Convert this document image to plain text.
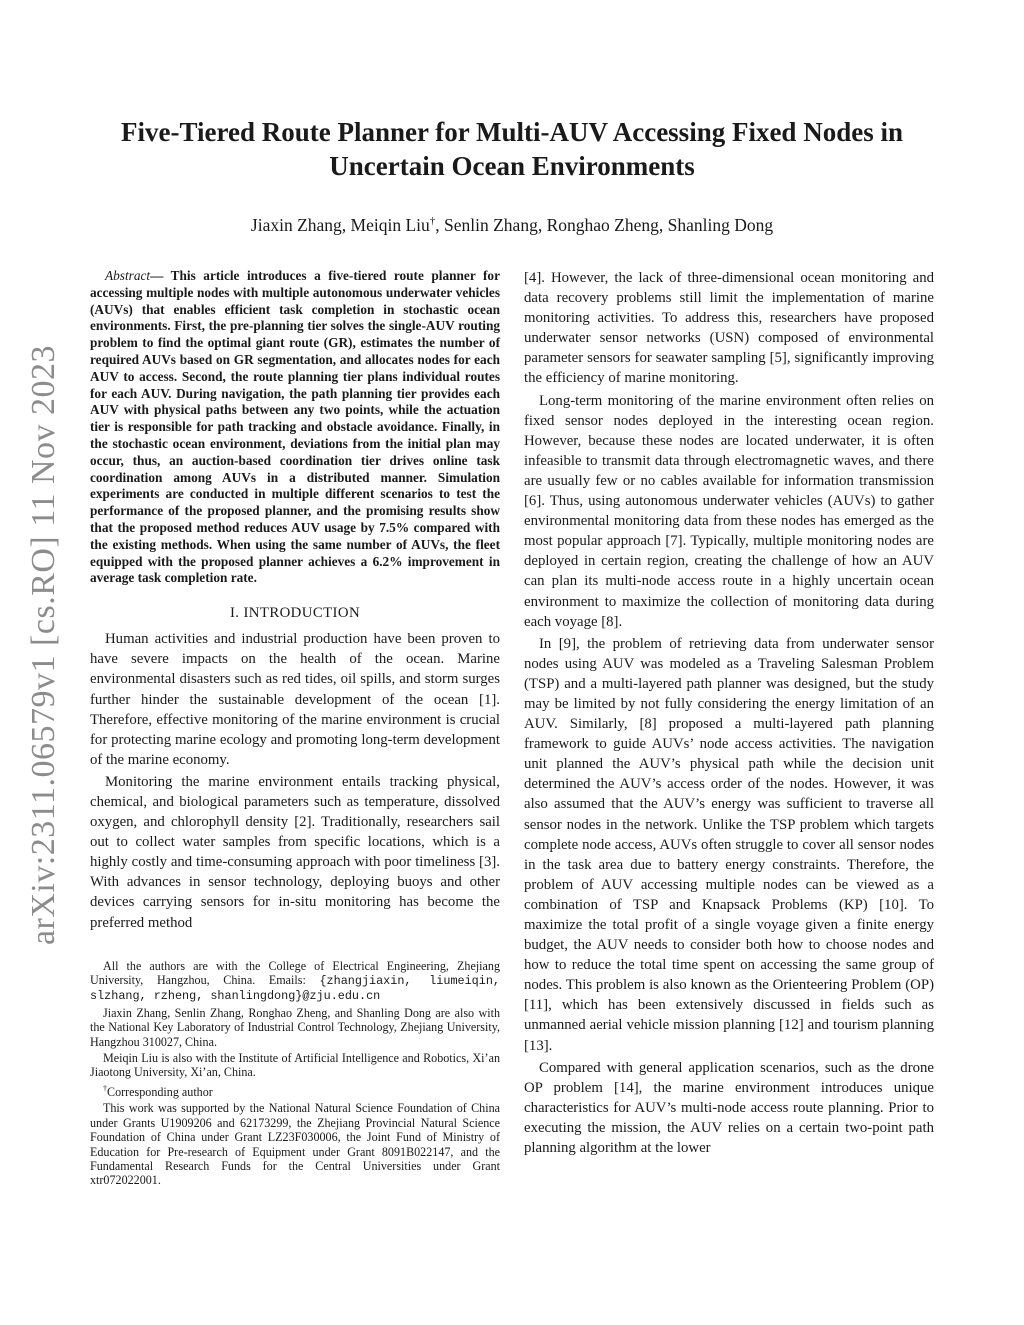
arXiv:2311.06579v1 [cs.RO] 11 Nov 2023
Five-Tiered Route Planner for Multi-AUV Accessing Fixed Nodes in Uncertain Ocean Environments
Jiaxin Zhang, Meiqin Liu†, Senlin Zhang, Ronghao Zheng, Shanling Dong

Abstract— This article introduces a five-tiered route planner for accessing multiple nodes with multiple autonomous underwater vehicles (AUVs) that enables efficient task completion in stochastic ocean environments. First, the pre-planning tier solves the single-AUV routing problem to find the optimal giant route (GR), estimates the number of required AUVs based on GR segmentation, and allocates nodes for each AUV to access. Second, the route planning tier plans individual routes for each AUV. During navigation, the path planning tier provides each AUV with physical paths between any two points, while the actuation tier is responsible for path tracking and obstacle avoidance. Finally, in the stochastic ocean environment, deviations from the initial plan may occur, thus, an auction-based coordination tier drives online task coordination among AUVs in a distributed manner. Simulation experiments are conducted in multiple different scenarios to test the performance of the proposed planner, and the promising results show that the proposed method reduces AUV usage by 7.5% compared with the existing methods. When using the same number of AUVs, the fleet equipped with the proposed planner achieves a 6.2% improvement in average task completion rate.

I. INTRODUCTION

Human activities and industrial production have been proven to have severe impacts on the health of the ocean. Marine environmental disasters such as red tides, oil spills, and storm surges further hinder the sustainable development of the ocean [1]. Therefore, effective monitoring of the marine environment is crucial for protecting marine ecology and promoting long-term development of the marine economy.

Monitoring the marine environment entails tracking physical, chemical, and biological parameters such as temperature, dissolved oxygen, and chlorophyll density [2]. Traditionally, researchers sail out to collect water samples from specific locations, which is a highly costly and time-consuming approach with poor timeliness [3]. With advances in sensor technology, deploying buoys and other devices carrying sensors for in-situ monitoring has become the preferred method

All the authors are with the College of Electrical Engineering, Zhejiang University, Hangzhou, China. Emails: {zhangjiaxin, liumeiqin, slzhang, rzheng, shanlingdong}@zju.edu.cn

Jiaxin Zhang, Senlin Zhang, Ronghao Zheng, and Shanling Dong are also with the National Key Laboratory of Industrial Control Technology, Zhejiang University, Hangzhou 310027, China.

Meiqin Liu is also with the Institute of Artificial Intelligence and Robotics, Xi’an Jiaotong University, Xi’an, China.

†Corresponding author

This work was supported by the National Natural Science Foundation of China under Grants U1909206 and 62173299, the Zhejiang Provincial Natural Science Foundation of China under Grant LZ23F030006, the Joint Fund of Ministry of Education for Pre-research of Equipment under Grant 8091B022147, and the Fundamental Research Funds for the Central Universities under Grant xtr072022001.

[4]. However, the lack of three-dimensional ocean monitoring and data recovery problems still limit the implementation of marine monitoring activities. To address this, researchers have proposed underwater sensor networks (USN) composed of environmental parameter sensors for seawater sampling [5], significantly improving the efficiency of marine monitoring.

Long-term monitoring of the marine environment often relies on fixed sensor nodes deployed in the interesting ocean region. However, because these nodes are located underwater, it is often infeasible to transmit data through electromagnetic waves, and there are usually few or no cables available for information transmission [6]. Thus, using autonomous underwater vehicles (AUVs) to gather environmental monitoring data from these nodes has emerged as the most popular approach [7]. Typically, multiple monitoring nodes are deployed in certain region, creating the challenge of how an AUV can plan its multi-node access route in a highly uncertain ocean environment to maximize the collection of monitoring data during each voyage [8].

In [9], the problem of retrieving data from underwater sensor nodes using AUV was modeled as a Traveling Salesman Problem (TSP) and a multi-layered path planner was designed, but the study may be limited by not fully considering the energy limitation of an AUV. Similarly, [8] proposed a multi-layered path planning framework to guide AUVs’ node access activities. The navigation unit planned the AUV’s physical path while the decision unit determined the AUV’s access order of the nodes. However, it was also assumed that the AUV’s energy was sufficient to traverse all sensor nodes in the network. Unlike the TSP problem which targets complete node access, AUVs often struggle to cover all sensor nodes in the task area due to battery energy constraints. Therefore, the problem of AUV accessing multiple nodes can be viewed as a combination of TSP and Knapsack Problems (KP) [10]. To maximize the total profit of a single voyage given a finite energy budget, the AUV needs to consider both how to choose nodes and how to reduce the total time spent on accessing the same group of nodes. This problem is also known as the Orienteering Problem (OP) [11], which has been extensively discussed in fields such as unmanned aerial vehicle mission planning [12] and tourism planning [13].

Compared with general application scenarios, such as the drone OP problem [14], the marine environment introduces unique characteristics for AUV’s multi-node access route planning. Prior to executing the mission, the AUV relies on a certain two-point path planning algorithm at the lower
